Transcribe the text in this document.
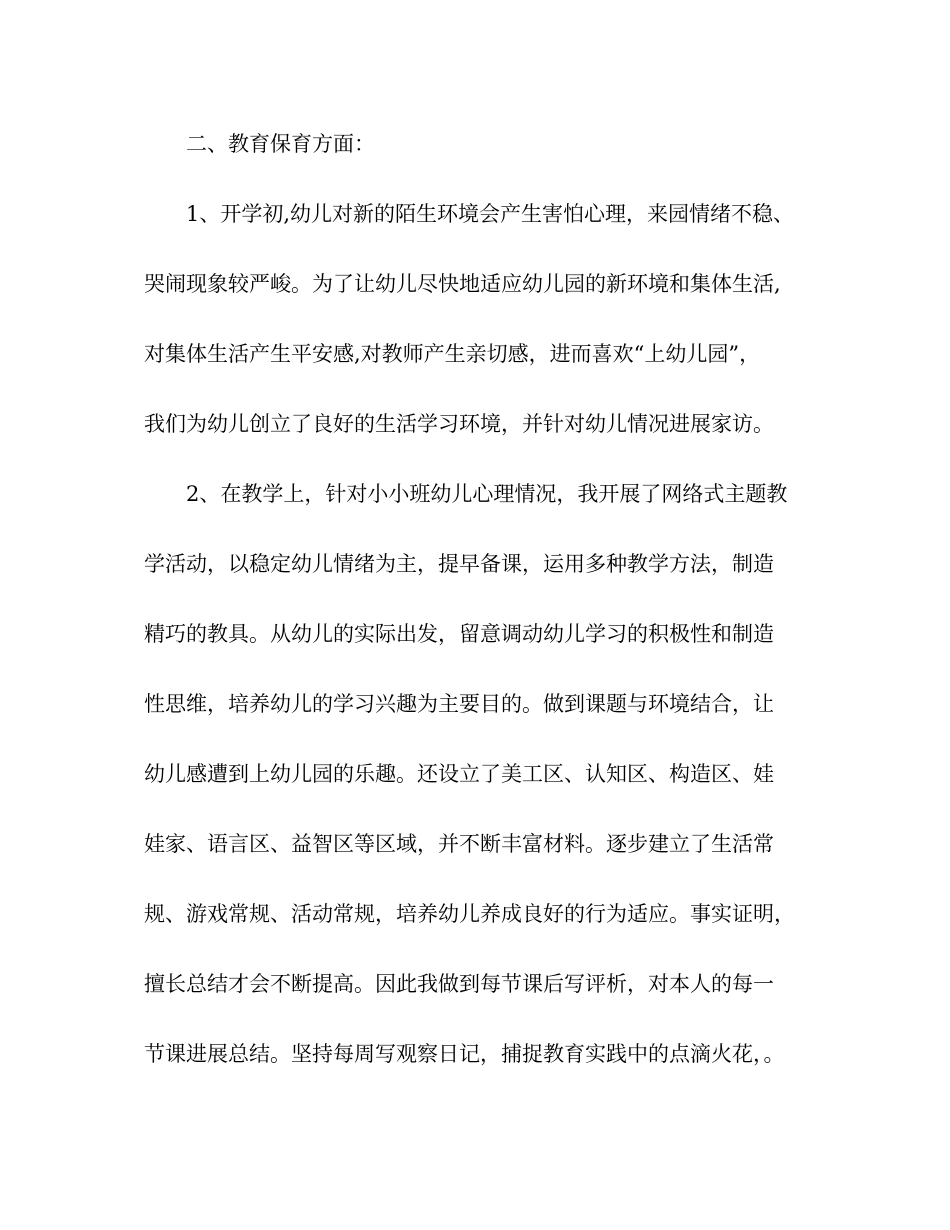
二、教育保育方面：
1、开学初,幼儿对新的陌生环境会产生害怕心理，来园情绪不稳、
哭闹现象较严峻。为了让幼儿尽快地适应幼儿园的新环境和集体生活,
对集体生活产生平安感,对教师产生亲切感，进而喜欢“上幼儿园”，
我们为幼儿创立了良好的生活学习环境，并针对幼儿情况进展家访。
2、在教学上，针对小小班幼儿心理情况，我开展了网络式主题教
学活动，以稳定幼儿情绪为主，提早备课，运用多种教学方法，制造
精巧的教具。从幼儿的实际出发，留意调动幼儿学习的积极性和制造
性思维，培养幼儿的学习兴趣为主要目的。做到课题与环境结合，让
幼儿感遭到上幼儿园的乐趣。还设立了美工区、认知区、构造区、娃
娃家、语言区、益智区等区域，并不断丰富材料。逐步建立了生活常
规、游戏常规、活动常规，培养幼儿养成良好的行为适应。事实证明，
擅长总结才会不断提高。因此我做到每节课后写评析，对本人的每一
节课进展总结。坚持每周写观察日记，捕捉教育实践中的点滴火花，。
